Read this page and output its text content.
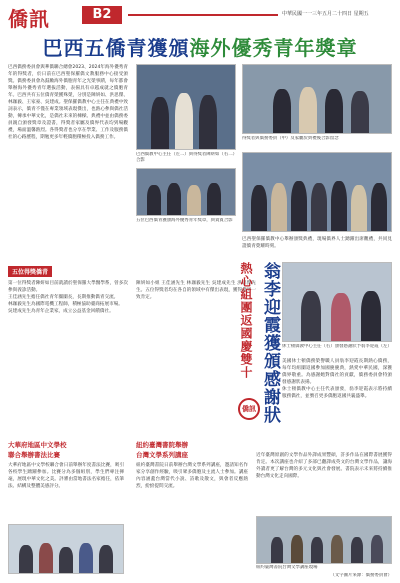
僑訊	B2	中華民國一一三年五月二十四日 星期五
巴西五僑青獲頒海外優秀青年獎章
巴西僑務委員會與華僑聯合總會2023、2024年海外優秀青年的得獎者，於日前在巴西聖保羅僑文教服務中心接受頒獎。僑務委員會為鼓勵海外僑胞青年之光榮事蹟，每年都會舉辦海外優秀青年選拔活動，表揚具有卓越成就之僑胞青年。巴西共有五位僑青榮獲殊榮，分別是陳妍如、洪思傑、林珈毅、王家豪、吳建成。聖保羅僑教中心主任在典禮中致詞表示，僑青不僅在專業領域表現傑出，也熱心參與僑社活動，傳承中華文化，是僑社未來的棟樑。典禮中並由僑務委員親自頒發獎章及證書，得獎者家屬及僑界代表均到場觀禮，場面溫馨熱烈。各得獎者也分享在學業、工作及服務僑社的心路歷程，期勉更多年輕僑胞積極投入僑務工作。
五位得獎僑青
第一位得獎者陳妍如目前就讀於聖保羅大學醫學系，曾多次參與義診活動。
王佳涵先生擔任僑社青年團團長，長期推動僑青交流。
林珈毅先生為國際電機工程師，積極協助臺商拓展市場。
吳建成先生為青年企業家，成立公益基金回饋僑社。
陳妍如小姐 王佳涵先生 林珈毅先生 吳建成先生 洪思傑先生。五位得獎者均在各自的領域中有傑出表現，獲得僑界一致肯定。
巴西僑教中心主任（左二）與得獎者陳妍如（右二）合影
得獎者與僑務委員（中）及家屬於典禮後合影留念
五位巴西僑青獲頒海外優秀青年獎章，與貴賓合影
巴西聖保羅僑教中心舉辦頒獎典禮，現場僑界人士踴躍出席觀禮，共同見證僑青榮耀時刻。
翁李迎霞獲頒感謝狀
熱心組團返國慶雙十
僑訊
休士頓僑教中心主任（右）頒發感謝狀予翁李迎霞（左）
美國休士頓僑務榮譽職人員翁李迎霞長期熱心僑務，每年均組團返國參加國慶慶典，熱愛中華民國，深獲僑界敬重。為感謝她對僑社的貢獻，僑務委員會特頒發感謝狀表揚。
休士頓僑教中心主任代表頒發，翁李迎霞表示將持續服務僑社，並號召更多僑胞返國共襄盛舉。
大華府地區中文學校
聯合舉辦書法比賽
大華府地區中文學校聯合會日前舉辦年度書法比賽，吸引各校學生踴躍參加。比賽分為多個組別，學生們專注揮毫，展現中華文化之美。評審由當地書法名家擔任，依筆法、結構及整體美感評分。
紐約臺灣書院舉辦
台灣文學系列講座
紐約臺灣書院日前舉辦台灣文學系列講座，邀請知名作家分享創作經驗，吸引眾多僑胞及主流人士參加。講座內容涵蓋台灣當代小說、詩歌及散文，與會者反應熱烈，紛紛提問交流。
近年臺灣原創的文學作品外譯成果豐碩，許多作品在國際書展獲得肯定。本次講座也介紹了多部已翻譯成英文的台灣文學作品，讓海外讀者更了解台灣的多元文化與社會發展。書院表示未來將持續推動台灣文化走向國際。
紐約臺灣書院台灣文學講座現場
（文字圖片來源：僑務委員會）
